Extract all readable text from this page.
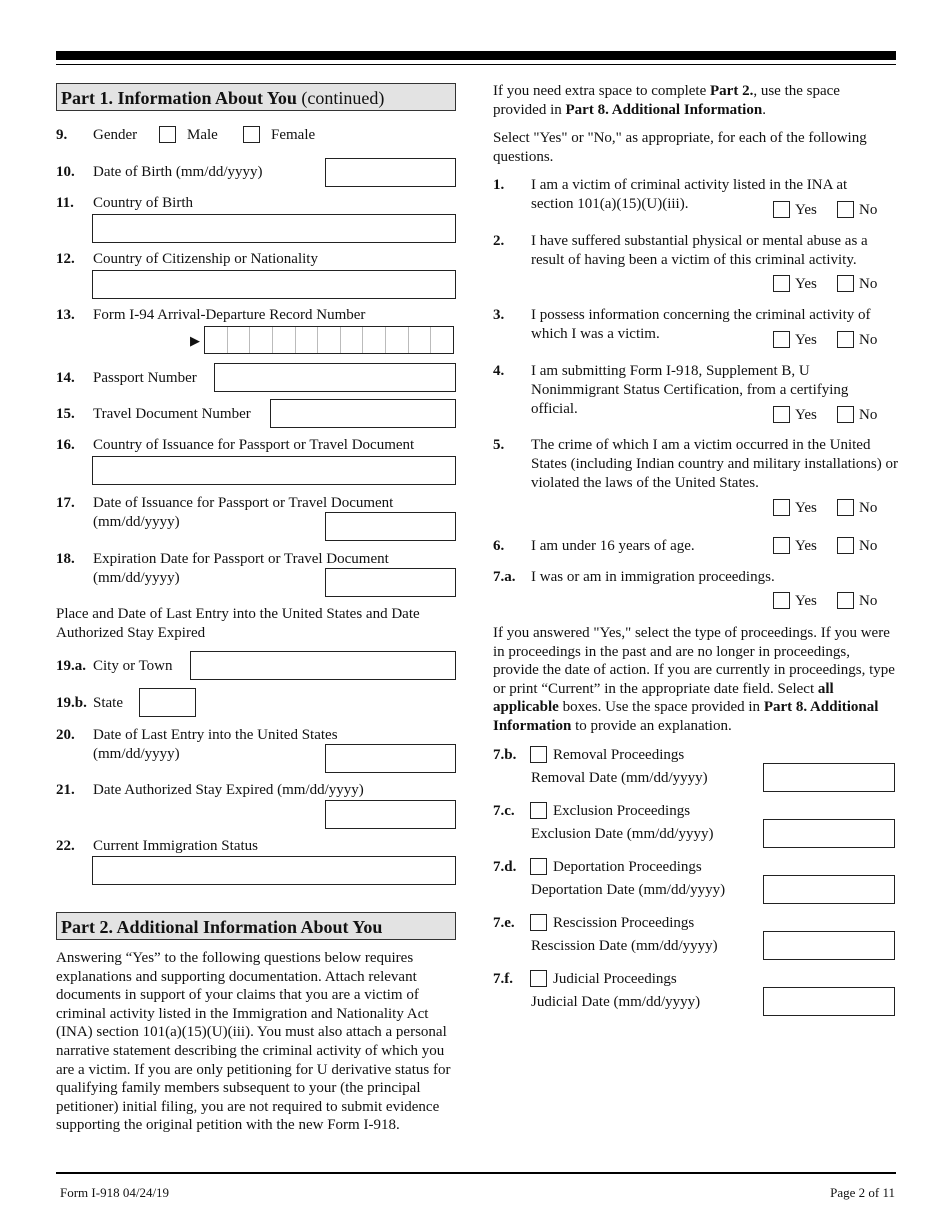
Part 1. Information About You (continued)
9. Gender	Male	Female
10. Date of Birth (mm/dd/yyyy)
11. Country of Birth
12. Country of Citizenship or Nationality
13. Form I-94 Arrival-Departure Record Number
▶
14. Passport Number
15. Travel Document Number
16. Country of Issuance for Passport or Travel Document
17. Date of Issuance for Passport or Travel Document
(mm/dd/yyyy)
18. Expiration Date for Passport or Travel Document
(mm/dd/yyyy)
Place and Date of Last Entry into the United States and Date Authorized Stay Expired
19.a. City or Town
19.b. State
20. Date of Last Entry into the United States
(mm/dd/yyyy)
21. Date Authorized Stay Expired (mm/dd/yyyy)
22. Current Immigration Status
Part 2. Additional Information About You
Answering “Yes” to the following questions below requires explanations and supporting documentation. Attach relevant documents in support of your claims that you are a victim of criminal activity listed in the Immigration and Nationality Act (INA) section 101(a)(15)(U)(iii). You must also attach a personal narrative statement describing the criminal activity of which you are a victim. If you are only petitioning for U derivative status for qualifying family members subsequent to your (the principal petitioner) initial filing, you are not required to submit evidence supporting the original petition with the new Form I-918.
If you need extra space to complete Part 2., use the space provided in Part 8. Additional Information.
Select "Yes" or "No," as appropriate, for each of the following questions.
1. I am a victim of criminal activity listed in the INA at section 101(a)(15)(U)(iii).	Yes	No
2. I have suffered substantial physical or mental abuse as a result of having been a victim of this criminal activity.
Yes	No
3. I possess information concerning the criminal activity of which I was a victim.	Yes	No
4. I am submitting Form I-918, Supplement B, U Nonimmigrant Status Certification, from a certifying official.	Yes	No
5. The crime of which I am a victim occurred in the United States (including Indian country and military installations) or violated the laws of the United States.
Yes	No
6. I am under 16 years of age.	Yes	No
7.a. I was or am in immigration proceedings.
Yes	No
If you answered "Yes," select the type of proceedings. If you were in proceedings in the past and are no longer in proceedings, provide the date of action. If you are currently in proceedings, type or print “Current” in the appropriate date field. Select all applicable boxes. Use the space provided in Part 8. Additional Information to provide an explanation.
7.b. Removal Proceedings
Removal Date (mm/dd/yyyy)
7.c.	Exclusion Proceedings
Exclusion Date (mm/dd/yyyy)
7.d. Deportation Proceedings
Deportation Date (mm/dd/yyyy)
7.e.	Rescission Proceedings
Rescission Date (mm/dd/yyyy)
7.f.	Judicial Proceedings
Judicial Date (mm/dd/yyyy)
Form I-918 04/24/19	Page 2 of 11
